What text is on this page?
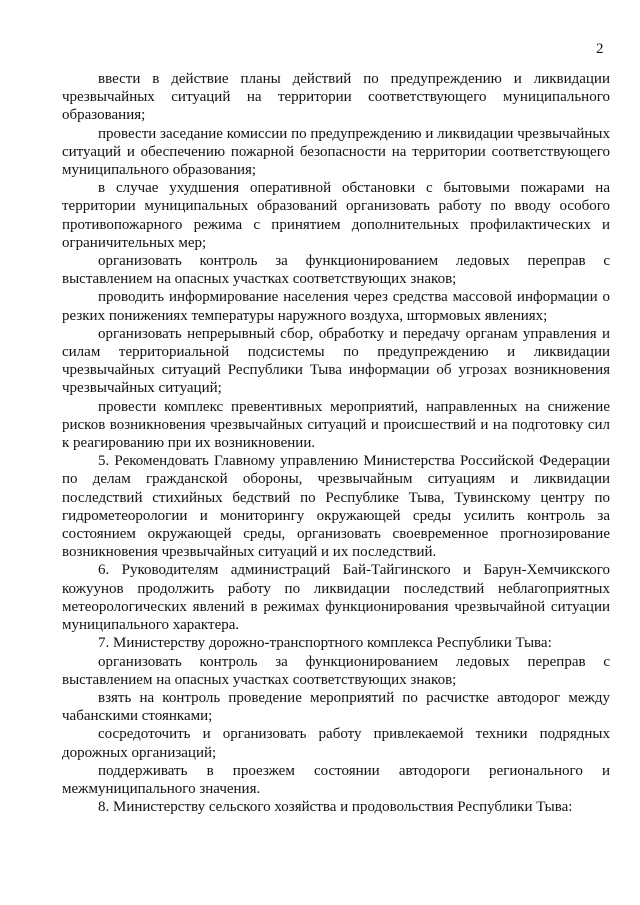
2

ввести в действие планы действий по предупреждению и ликвидации чрезвычайных ситуаций на территории соответствующего муниципального образования;

провести заседание комиссии по предупреждению и ликвидации чрезвычайных ситуаций и обеспечению пожарной безопасности на территории соответствующего муниципального образования;

в случае ухудшения оперативной обстановки с бытовыми пожарами на территории муниципальных образований организовать работу по вводу особого противопожарного режима с принятием дополнительных профилактических и ограничительных мер;

организовать контроль за функционированием ледовых переправ с выставлением на опасных участках соответствующих знаков;

проводить информирование населения через средства массовой информации о резких понижениях температуры наружного воздуха, штормовых явлениях;

организовать непрерывный сбор, обработку и передачу органам управления и силам территориальной подсистемы по предупреждению и ликвидации чрезвычайных ситуаций Республики Тыва информации об угрозах возникновения чрезвычайных ситуаций;

провести комплекс превентивных мероприятий, направленных на снижение рисков возникновения чрезвычайных ситуаций и происшествий и на подготовку сил к реагированию при их возникновении.

5. Рекомендовать Главному управлению Министерства Российской Федерации по делам гражданской обороны, чрезвычайным ситуациям и ликвидации последствий стихийных бедствий по Республике Тыва, Тувинскому центру по гидрометеорологии и мониторингу окружающей среды усилить контроль за состоянием окружающей среды, организовать своевременное прогнозирование возникновения чрезвычайных ситуаций и их последствий.

6. Руководителям администраций Бай-Тайгинского и Барун-Хемчикского кожуунов продолжить работу по ликвидации последствий неблагоприятных метеорологических явлений в режимах функционирования чрезвычайной ситуации муниципального характера.

7. Министерству дорожно-транспортного комплекса Республики Тыва:

организовать контроль за функционированием ледовых переправ с выставлением на опасных участках соответствующих знаков;

взять на контроль проведение мероприятий по расчистке автодорог между чабанскими стоянками;

сосредоточить и организовать работу привлекаемой техники подрядных дорожных организаций;

поддерживать в проезжем состоянии автодороги регионального и межмуниципального значения.

8. Министерству сельского хозяйства и продовольствия Республики Тыва:
